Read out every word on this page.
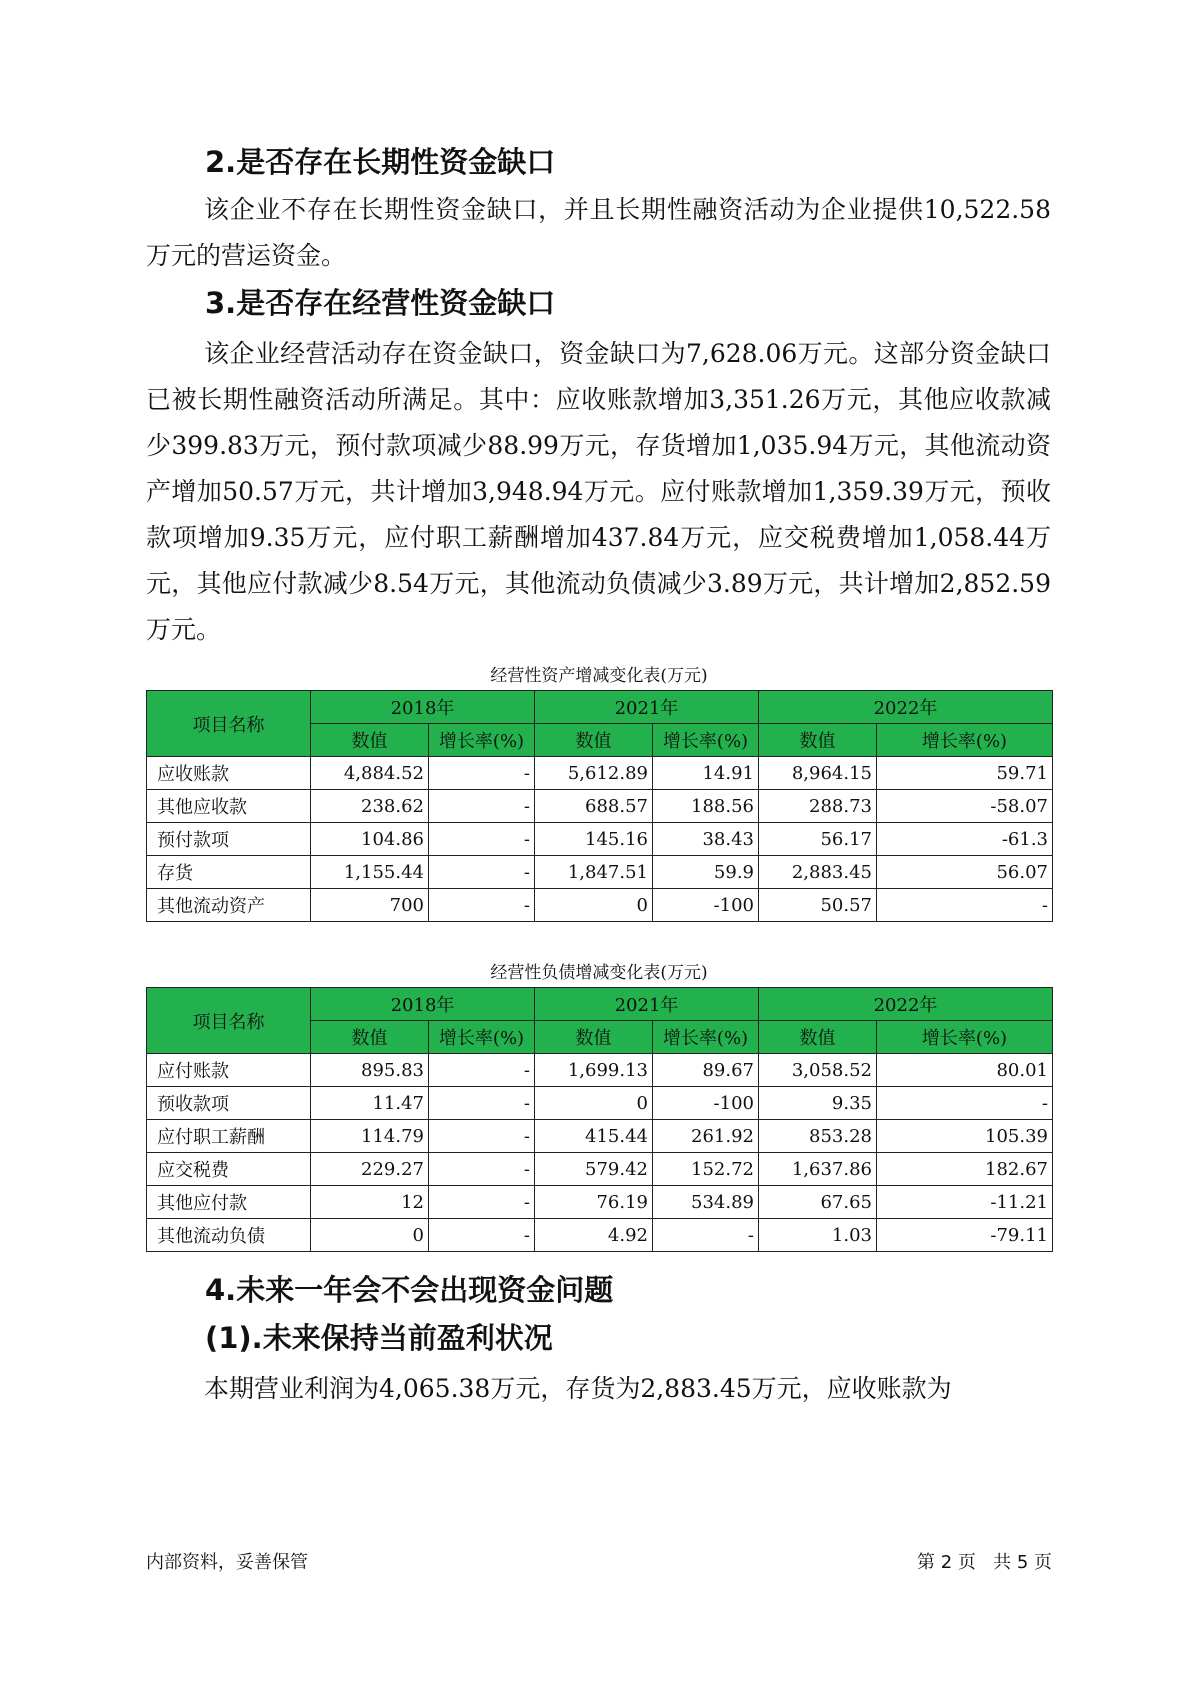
2.是否存在长期性资金缺口

该企业不存在长期性资金缺口，并且长期性融资活动为企业提供10,522.58万元的营运资金。

3.是否存在经营性资金缺口

该企业经营活动存在资金缺口，资金缺口为7,628.06万元。这部分资金缺口已被长期性融资活动所满足。其中：应收账款增加3,351.26万元，其他应收款减少399.83万元，预付款项减少88.99万元，存货增加1,035.94万元，其他流动资产增加50.57万元，共计增加3,948.94万元。应付账款增加1,359.39万元，预收款项增加9.35万元，应付职工薪酬增加437.84万元，应交税费增加1,058.44万元，其他应付款减少8.54万元，其他流动负债减少3.89万元，共计增加2,852.59万元。

经营性资产增减变化表(万元)
项目名称	2018年		2021年		2022年	
	数值	增长率(%)	数值	增长率(%)	数值	增长率(%)
应收账款	4,884.52	-	5,612.89	14.91	8,964.15	59.71
其他应收款	238.62	-	688.57	188.56	288.73	-58.07
预付款项	104.86	-	145.16	38.43	56.17	-61.3
存货	1,155.44	-	1,847.51	59.9	2,883.45	56.07
其他流动资产	700	-	0	-100	50.57	-
经营性负债增减变化表(万元)
项目名称	2018年		2021年		2022年	
	数值	增长率(%)	数值	增长率(%)	数值	增长率(%)
应付账款	895.83	-	1,699.13	89.67	3,058.52	80.01
预收款项	11.47	-	0	-100	9.35	-
应付职工薪酬	114.79	-	415.44	261.92	853.28	105.39
应交税费	229.27	-	579.42	152.72	1,637.86	182.67
其他应付款	12	-	76.19	534.89	67.65	-11.21
其他流动负债	0	-	4.92	-	1.03	-79.11
4.未来一年会不会出现资金问题
(1).未来保持当前盈利状况

本期营业利润为4,065.38万元，存货为2,883.45万元，应收账款为

内部资料，妥善保管	第 2 页   共 5 页
